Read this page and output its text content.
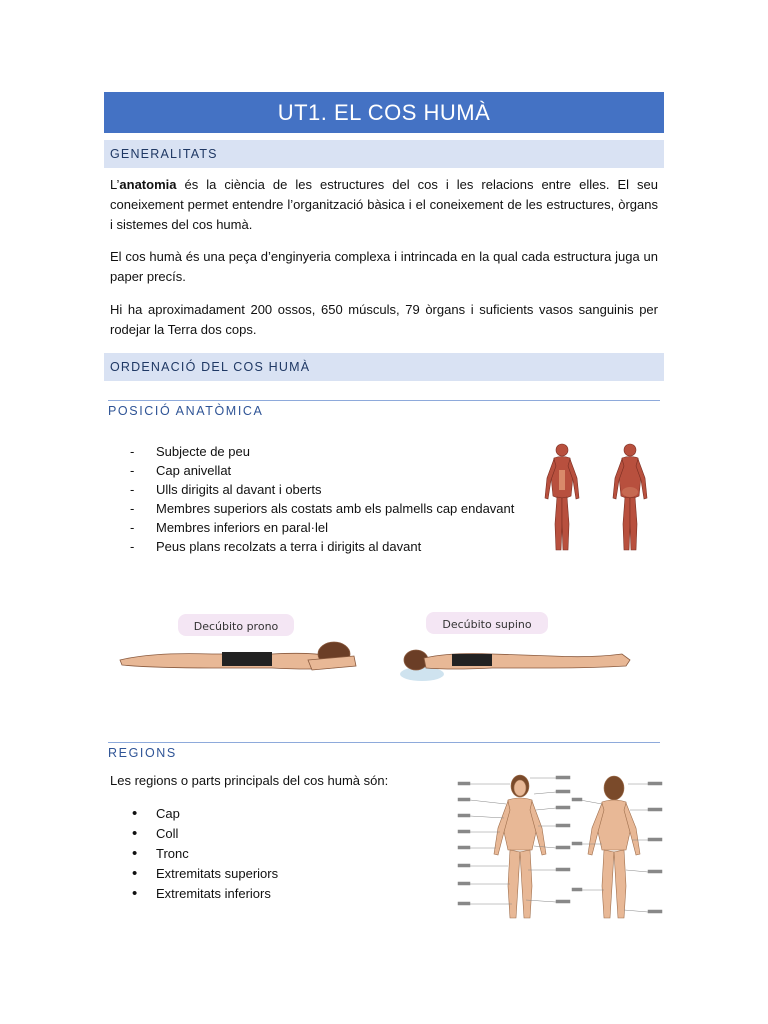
UT1. EL COS HUMÀ
GENERALITATS

L’anatomia és la ciència de les estructures del cos i les relacions entre elles. El seu coneixement permet entendre l’organització bàsica i el coneixement de les estructures, òrgans i sistemes del cos humà.

El cos humà és una peça d’enginyeria complexa i intrincada en la qual cada estructura juga un paper precís.

Hi ha aproximadament 200 ossos, 650 músculs, 79 òrgans i suficients vasos sanguinis per rodejar la Terra dos cops.

ORDENACIÓ DEL COS HUMÀ
POSICIÓ ANATÒMICA
- Subjecte de peu
- Cap anivellat
- Ulls dirigits al davant i oberts
- Membres superiors als costats amb els palmells cap endavant
- Membres inferiors en paral·lel
- Peus plans recolzats a terra i dirigits al davant
Decúbito prono	Decúbito supino
REGIONS

Les regions o parts principals del cos humà són:

• Cap
• Coll
• Tronc
• Extremitats superiors
• Extremitats inferiors
